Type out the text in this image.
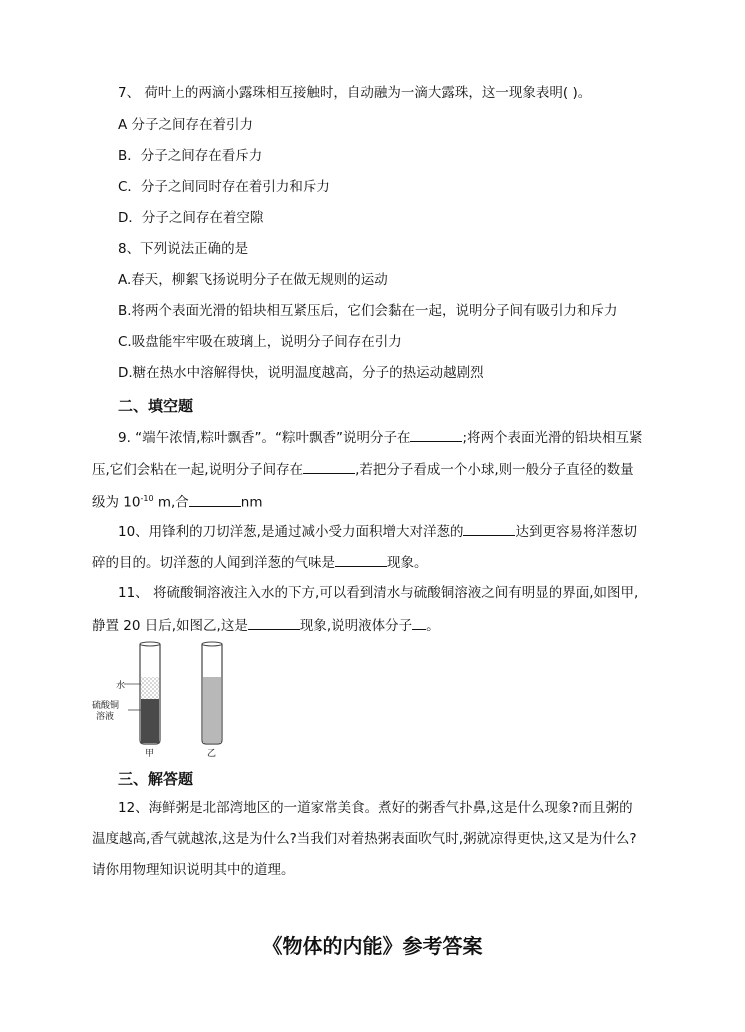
7、 荷叶上的两滴小露珠相互接触时，自动融为一滴大露珠，这一现象表明( )。
A 分子之间存在着引力
B．分子之间存在看斥力
C．分子之间同时存在着引力和斥力
D．分子之间存在着空隙
8、下列说法正确的是
A.春天，柳絮飞扬说明分子在做无规则的运动
B.将两个表面光滑的铅块相互紧压后，它们会黏在一起，说明分子间有吸引力和斥力
C.吸盘能牢牢吸在玻璃上，说明分子间存在引力
D.糖在热水中溶解得快，说明温度越高，分子的热运动越剧烈
二、填空题
9. “端午浓情,粽叶飘香”。“粽叶飘香”说明分子在	;将两个表面光滑的铅块相互紧
压,它们会粘在一起,说明分子间存在	,若把分子看成一个小球,则一般分子直径的数量
级为 $10^{-10}$ m,合	nm
10、用锋利的刀切洋葱,是通过减小受力面积增大对洋葱的	达到更容易将洋葱切
碎的目的。切洋葱的人闻到洋葱的气味是	现象。
11、 将硫酸铜溶液注入水的下方,可以看到清水与硫酸铜溶液之间有明显的界面,如图甲,
静置 20 日后,如图乙,这是	现象,说明液体分子 。
水
硫酸铜
溶液
甲	乙
三、解答题
12、海鲜粥是北部湾地区的一道家常美食。煮好的粥香气扑鼻,这是什么现象?而且粥的
温度越高,香气就越浓,这是为什么?当我们对着热粥表面吹气时,粥就凉得更快,这又是为什么?
请你用物理知识说明其中的道理。
《物体的内能》参考答案
